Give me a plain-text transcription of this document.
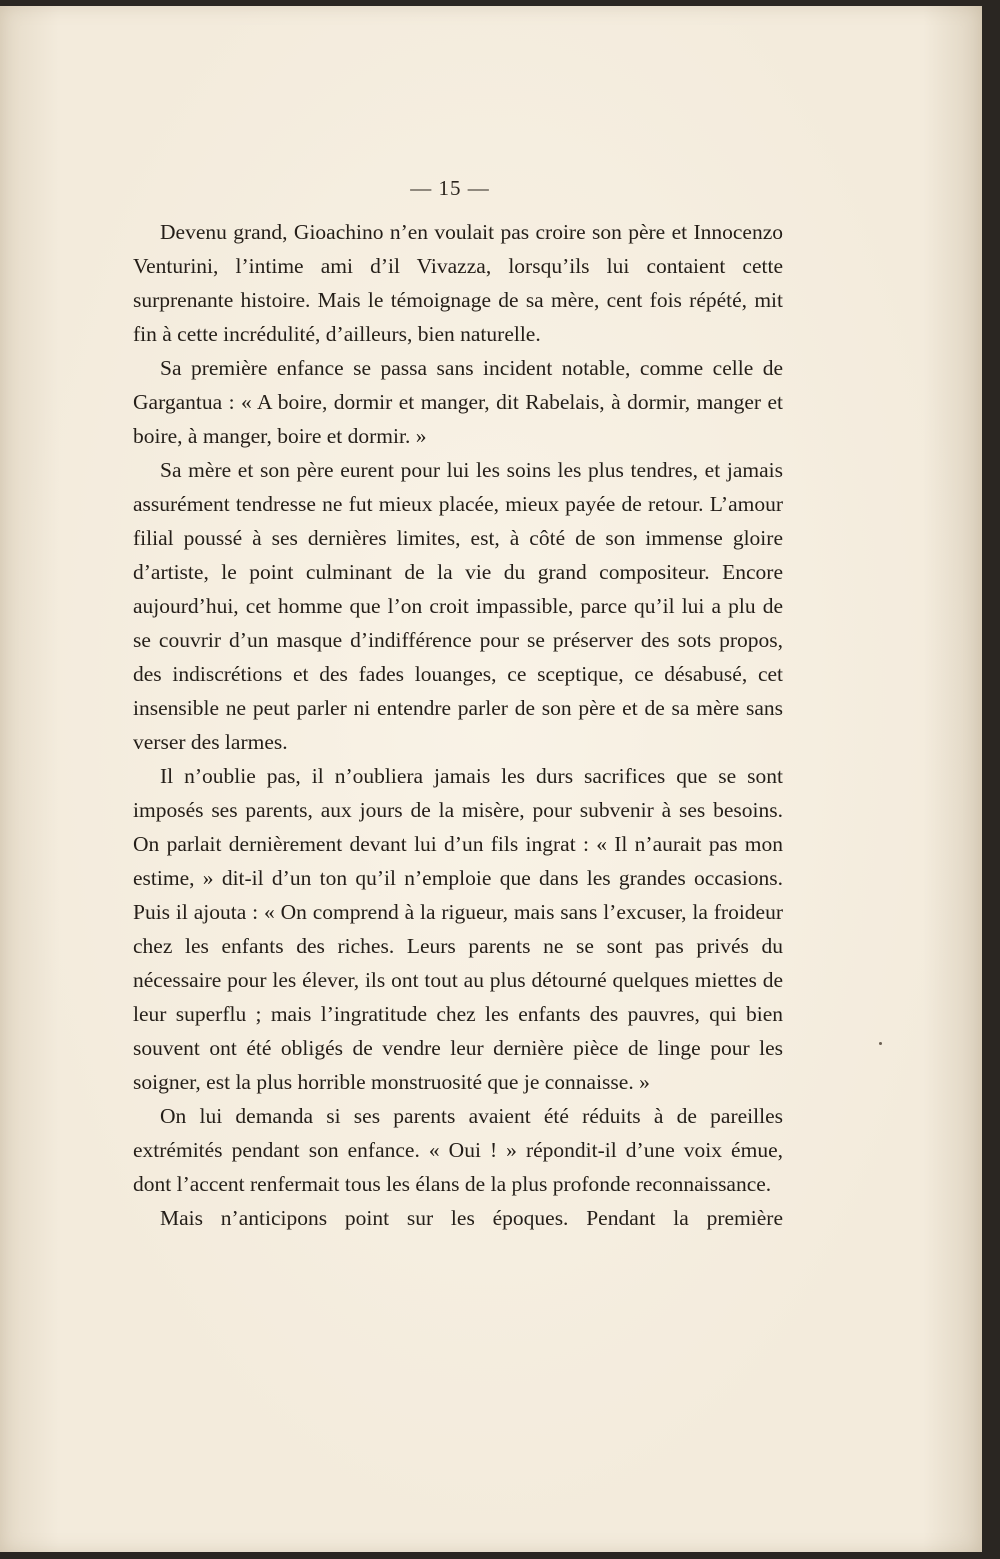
— 15 —

Devenu grand, Gioachino n’en voulait pas croire son père et Innocenzo Venturini, l’intime ami d’il Vivazza, lorsqu’ils lui contaient cette surprenante histoire. Mais le témoignage de sa mère, cent fois répété, mit fin à cette incrédulité, d’ailleurs, bien naturelle.

Sa première enfance se passa sans incident notable, comme celle de Gargantua : « A boire, dormir et manger, dit Rabelais, à dormir, manger et boire, à manger, boire et dormir. »

Sa mère et son père eurent pour lui les soins les plus tendres, et jamais assurément tendresse ne fut mieux placée, mieux payée de retour. L’amour filial poussé à ses dernières limites, est, à côté de son immense gloire d’artiste, le point culminant de la vie du grand compositeur. Encore aujourd’hui, cet homme que l’on croit impassible, parce qu’il lui a plu de se couvrir d’un masque d’indifférence pour se préserver des sots propos, des indiscrétions et des fades louanges, ce sceptique, ce désabusé, cet insensible ne peut parler ni entendre parler de son père et de sa mère sans verser des larmes.

Il n’oublie pas, il n’oubliera jamais les durs sacrifices que se sont imposés ses parents, aux jours de la misère, pour subvenir à ses besoins. On parlait dernièrement devant lui d’un fils ingrat : « Il n’aurait pas mon estime, » dit-il d’un ton qu’il n’emploie que dans les grandes occasions. Puis il ajouta : « On comprend à la rigueur, mais sans l’excuser, la froideur chez les enfants des riches. Leurs parents ne se sont pas privés du nécessaire pour les élever, ils ont tout au plus détourné quelques miettes de leur superflu ; mais l’ingratitude chez les enfants des pauvres, qui bien souvent ont été obligés de vendre leur dernière pièce de linge pour les soigner, est la plus horrible monstruosité que je connaisse. »

On lui demanda si ses parents avaient été réduits à de pareilles extrémités pendant son enfance. « Oui ! » répondit-il d’une voix émue, dont l’accent renfermait tous les élans de la plus profonde reconnaissance.

Mais n’anticipons point sur les époques. Pendant la première
